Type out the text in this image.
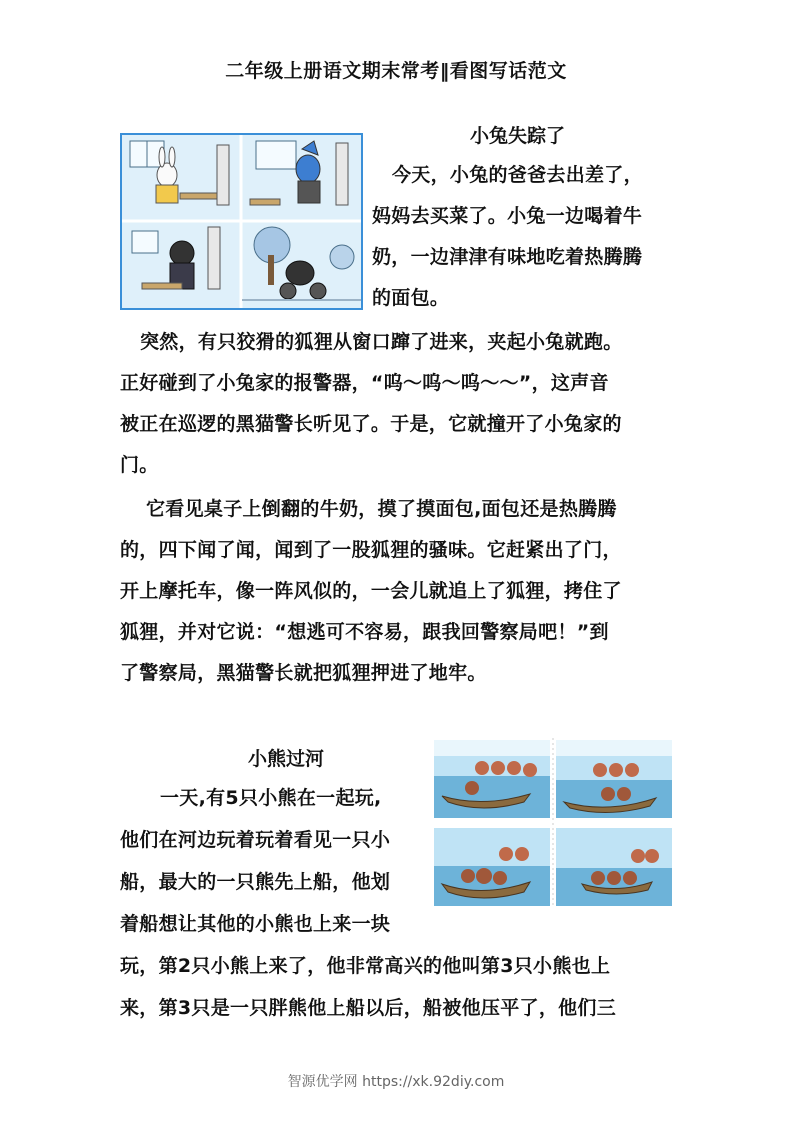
二年级上册语文期末常考‖看图写话范文
小兔失踪了
今天，小兔的爸爸去出差了，
妈妈去买菜了。小兔一边喝着牛
奶，一边津津有味地吃着热腾腾
的面包。
突然，有只狡猾的狐狸从窗口蹿了进来，夹起小兔就跑。
正好碰到了小兔家的报警器，“呜～呜～呜～～”，这声音
被正在巡逻的黑猫警长听见了。于是，它就撞开了小兔家的
门。
它看见桌子上倒翻的牛奶，摸了摸面包,面包还是热腾腾
的，四下闻了闻，闻到了一股狐狸的骚味。它赶紧出了门，
开上摩托车，像一阵风似的，一会儿就追上了狐狸，拷住了
狐狸，并对它说：“想逃可不容易，跟我回警察局吧！”到
了警察局，黑猫警长就把狐狸押进了地牢。
小熊过河
一天,有5只小熊在一起玩,
他们在河边玩着玩着看见一只小
船，最大的一只熊先上船，他划
着船想让其他的小熊也上来一块
玩，第2只小熊上来了，他非常高兴的他叫第3只小熊也上
来，第3只是一只胖熊他上船以后，船被他压平了，他们三
智源优学网 https://xk.92diy.com
